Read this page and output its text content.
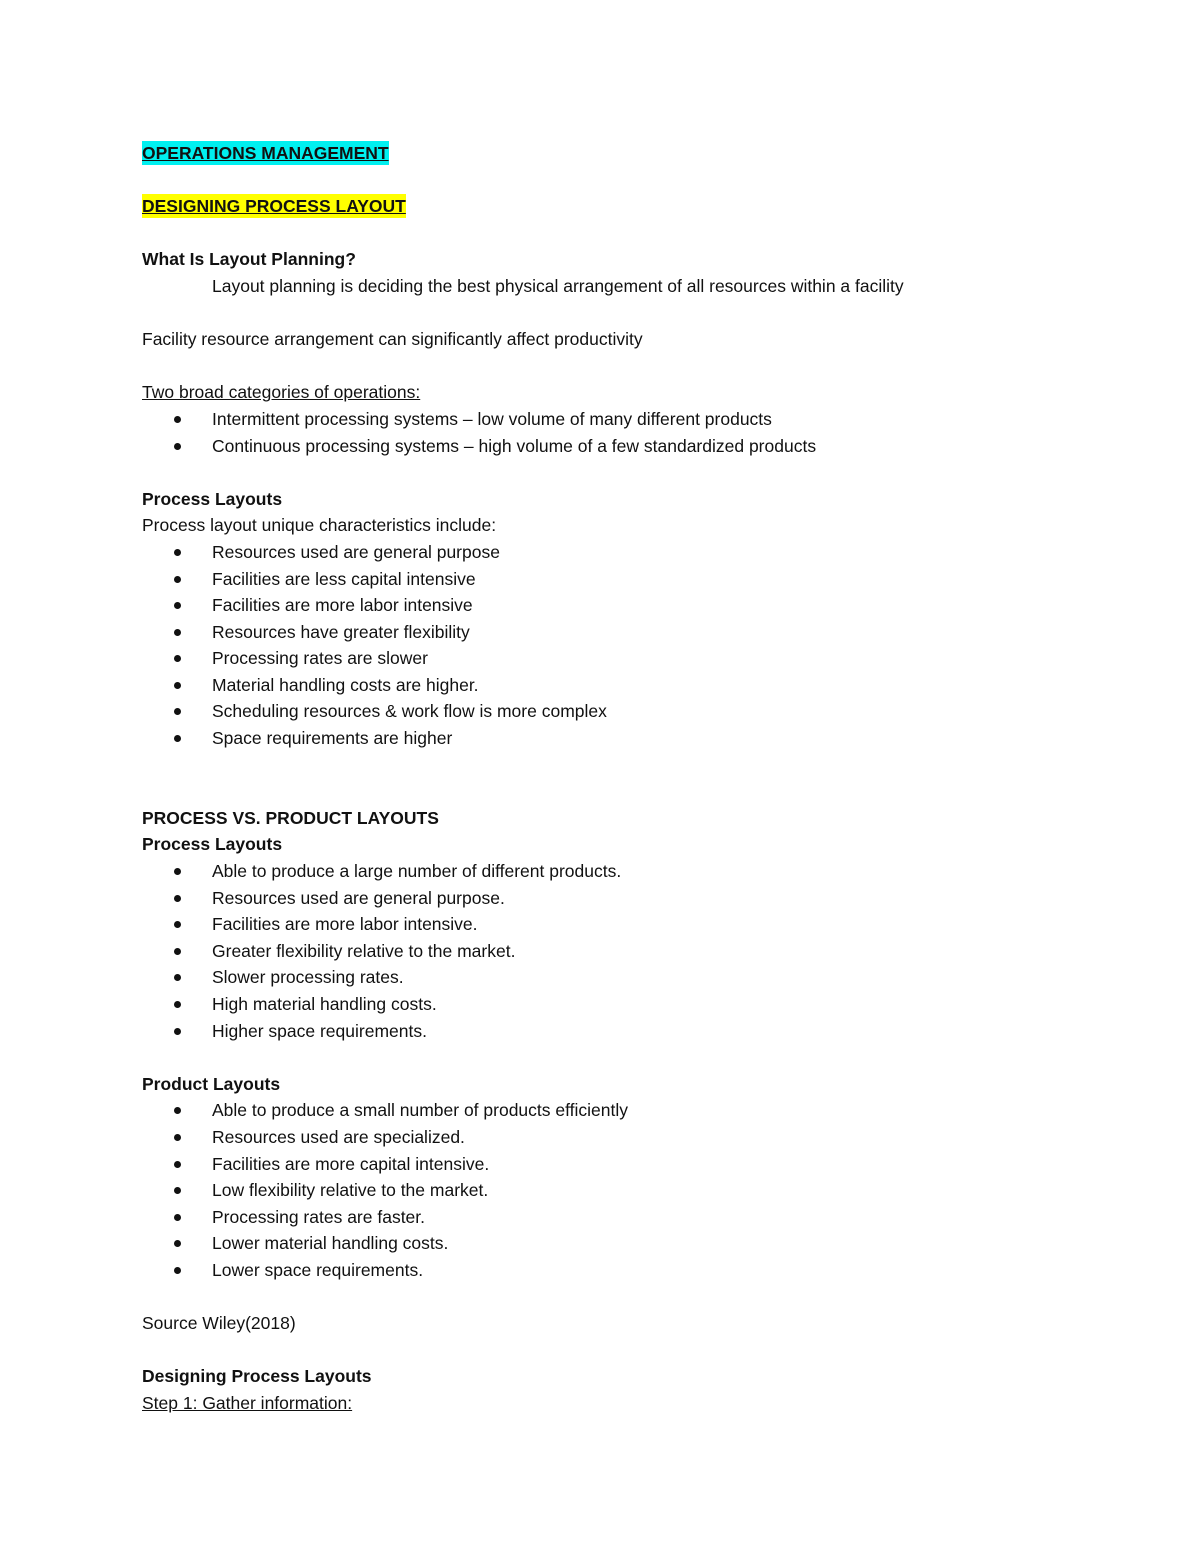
OPERATIONS MANAGEMENT
DESIGNING PROCESS LAYOUT
What Is Layout Planning?
Layout planning is deciding the best physical arrangement of all resources within a facility
Facility resource arrangement can significantly affect productivity
Two broad categories of operations:
Intermittent processing systems – low volume of many different products
Continuous processing systems – high volume of a few standardized products
Process Layouts
Process layout unique characteristics include:
Resources used are general purpose
Facilities are less capital intensive
Facilities are more labor intensive
Resources have greater flexibility
Processing rates are slower
Material handling costs are higher.
Scheduling resources & work flow is more complex
Space requirements are higher
PROCESS VS. PRODUCT LAYOUTS
Process Layouts
Able to produce a large number of different products.
Resources used are general purpose.
Facilities are more labor intensive.
Greater flexibility relative to the market.
Slower processing rates.
High material handling costs.
Higher space requirements.
Product Layouts
Able to produce a small number of products efficiently
Resources used are specialized.
Facilities are more capital intensive.
Low flexibility relative to the market.
Processing rates are faster.
Lower material handling costs.
Lower space requirements.
Source Wiley(2018)
Designing Process Layouts
Step 1: Gather information:
